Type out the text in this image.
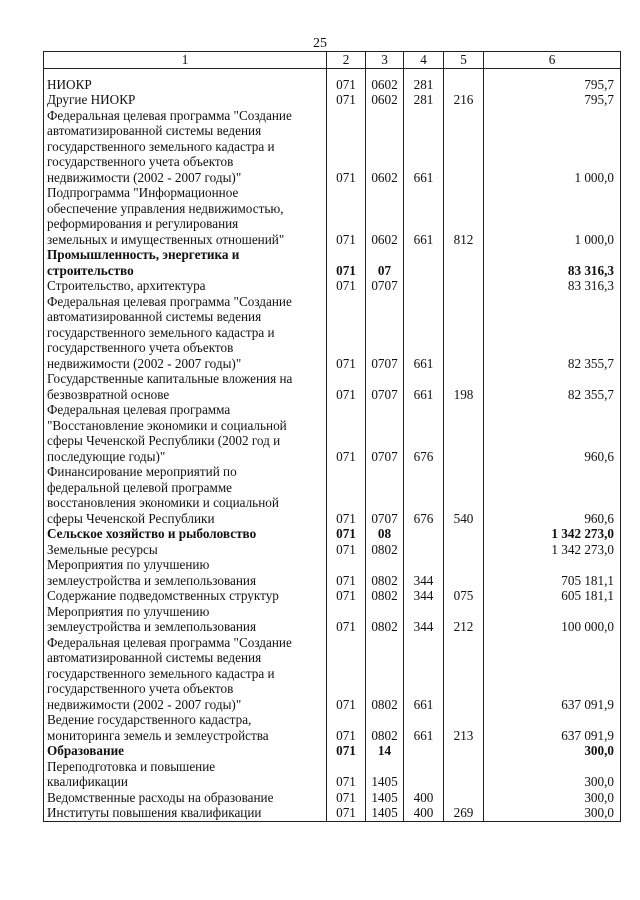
25
1	2	3	4	5	6

НИОКР	071	0602	281		795,7

Другие НИОКР	071	0602	281	216	795,7

Федеральная целевая программа "Создание
автоматизированной системы ведения
государственного земельного кадастра и
государственного учета объектов
недвижимости (2002 - 2007 годы)"	071	0602	661		1 000,0

Подпрограмма "Информационное
обеспечение управления недвижимостью,
реформирования и регулирования
земельных и имущественных отношений"	071	0602	661	812	1 000,0

Промышленность, энергетика и
строительство	071	07			83 316,3

Строительство, архитектура	071	0707			83 316,3

Федеральная целевая программа "Создание
автоматизированной системы ведения
государственного земельного кадастра и
государственного учета объектов
недвижимости (2002 - 2007 годы)"	071	0707	661		82 355,7

Государственные капитальные вложения на
безвозвратной основе	071	0707	661	198	82 355,7

Федеральная целевая программа
"Восстановление экономики и социальной
сферы Чеченской Республики (2002 год и
последующие годы)"	071	0707	676		960,6

Финансирование мероприятий по
федеральной целевой программе
восстановления экономики и социальной
сферы Чеченской Республики	071	0707	676	540	960,6

Сельское хозяйство и рыболовство	071	08			1 342 273,0

Земельные ресурсы	071	0802			1 342 273,0

Мероприятия по улучшению
землеустройства и землепользования	071	0802	344		705 181,1

Содержание подведомственных структур	071	0802	344	075	605 181,1

Мероприятия по улучшению
землеустройства и землепользования	071	0802	344	212	100 000,0

Федеральная целевая программа "Создание
автоматизированной системы ведения
государственного земельного кадастра и
государственного учета объектов
недвижимости (2002 - 2007 годы)"	071	0802	661		637 091,9

Ведение государственного кадастра,
мониторинга земель и землеустройства	071	0802	661	213	637 091,9

Образование	071	14			300,0

Переподготовка и повышение
квалификации	071	1405			300,0

Ведомственные расходы на образование	071	1405	400		300,0

Институты повышения квалификации	071	1405	400	269	300,0
